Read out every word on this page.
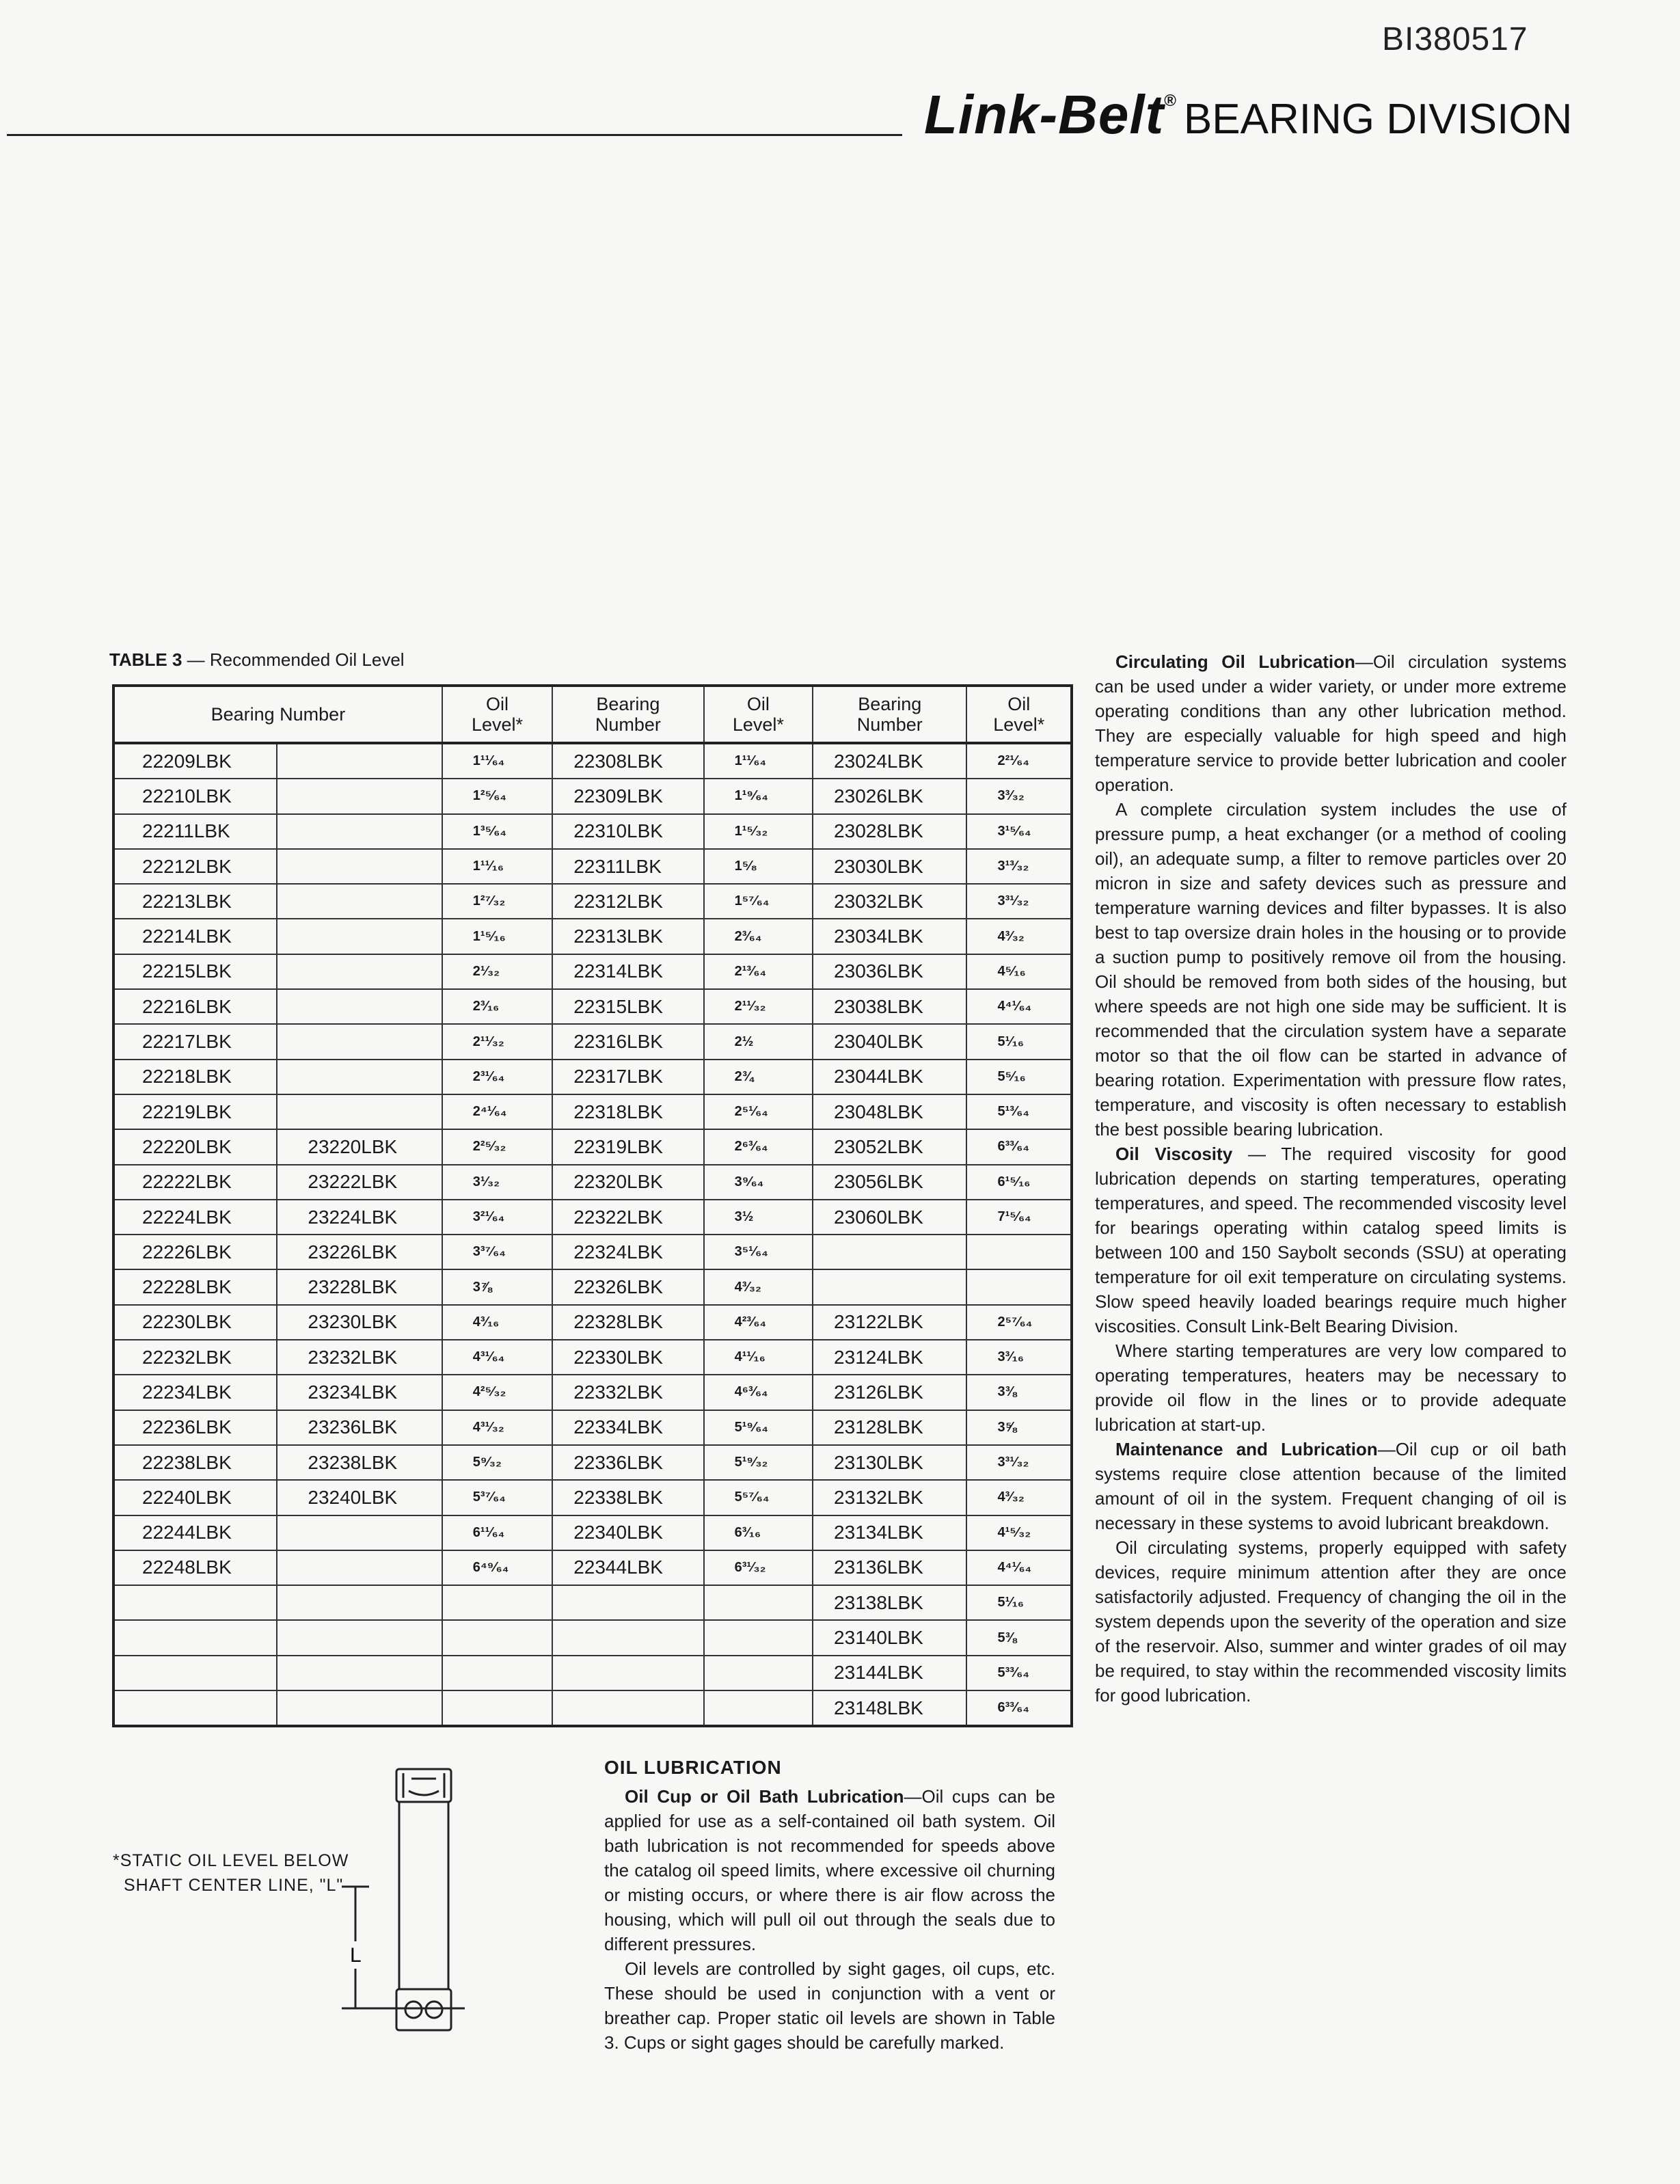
BI380517
Link-Belt® BEARING DIVISION
TABLE 3 — Recommended Oil Level
Bearing Number		Oil
Level*	Bearing
Number	Oil
Level*	Bearing
Number	Oil
Level*
22209LBK		1¹¹⁄₆₄	22308LBK	1¹¹⁄₆₄	23024LBK	2²¹⁄₆₄
22210LBK		1²⁵⁄₆₄	22309LBK	1¹⁹⁄₆₄	23026LBK	3³⁄₃₂
22211LBK		1³⁵⁄₆₄	22310LBK	1¹⁵⁄₃₂	23028LBK	3¹⁵⁄₆₄
22212LBK		1¹¹⁄₁₆	22311LBK	1⁵⁄₈	23030LBK	3¹³⁄₃₂
22213LBK		1²⁷⁄₃₂	22312LBK	1⁵⁷⁄₆₄	23032LBK	3³¹⁄₃₂
22214LBK		1¹⁵⁄₁₆	22313LBK	2³⁄₆₄	23034LBK	4³⁄₃₂
22215LBK		2¹⁄₃₂	22314LBK	2¹³⁄₆₄	23036LBK	4⁵⁄₁₆
22216LBK		2³⁄₁₆	22315LBK	2¹¹⁄₃₂	23038LBK	4⁴¹⁄₆₄
22217LBK		2¹¹⁄₃₂	22316LBK	2½	23040LBK	5¹⁄₁₆
22218LBK		2³¹⁄₆₄	22317LBK	2¾	23044LBK	5⁵⁄₁₆
22219LBK		2⁴¹⁄₆₄	22318LBK	2⁵¹⁄₆₄	23048LBK	5¹³⁄₆₄
22220LBK	23220LBK	2²⁵⁄₃₂	22319LBK	2⁶³⁄₆₄	23052LBK	6³³⁄₆₄
22222LBK	23222LBK	3¹⁄₃₂	22320LBK	3⁹⁄₆₄	23056LBK	6¹⁵⁄₁₆
22224LBK	23224LBK	3²¹⁄₆₄	22322LBK	3½	23060LBK	7¹⁵⁄₆₄
22226LBK	23226LBK	3³⁷⁄₆₄	22324LBK	3⁵¹⁄₆₄		
22228LBK	23228LBK	3⅞	22326LBK	4³⁄₃₂		
22230LBK	23230LBK	4³⁄₁₆	22328LBK	4²³⁄₆₄	23122LBK	2⁵⁷⁄₆₄
22232LBK	23232LBK	4³¹⁄₆₄	22330LBK	4¹¹⁄₁₆	23124LBK	3³⁄₁₆
22234LBK	23234LBK	4²⁵⁄₃₂	22332LBK	4⁶³⁄₆₄	23126LBK	3⅜
22236LBK	23236LBK	4³¹⁄₃₂	22334LBK	5¹⁹⁄₆₄	23128LBK	3⅝
22238LBK	23238LBK	5⁹⁄₃₂	22336LBK	5¹⁹⁄₃₂	23130LBK	3³¹⁄₃₂
22240LBK	23240LBK	5³⁷⁄₆₄	22338LBK	5⁵⁷⁄₆₄	23132LBK	4³⁄₃₂
22244LBK		6¹¹⁄₆₄	22340LBK	6³⁄₁₆	23134LBK	4¹⁵⁄₃₂
22248LBK		6⁴⁹⁄₆₄	22344LBK	6³¹⁄₃₂	23136LBK	4⁴¹⁄₆₄
					23138LBK	5¹⁄₁₆
					23140LBK	5⅜
					23144LBK	5³³⁄₆₄
					23148LBK	6³³⁄₆₄
*STATIC OIL LEVEL BELOW
SHAFT CENTER LINE, "L"
L
OIL LUBRICATION

Oil Cup or Oil Bath Lubrication—Oil cups can be applied for use as a self-contained oil bath system. Oil bath lubrication is not recommended for speeds above the catalog oil speed limits, where excessive oil churning or misting occurs, or where there is air flow across the housing, which will pull oil out through the seals due to different pressures.

Oil levels are controlled by sight gages, oil cups, etc. These should be used in conjunction with a vent or breather cap. Proper static oil levels are shown in Table 3. Cups or sight gages should be carefully marked.

Circulating Oil Lubrication—Oil circulation systems can be used under a wider variety, or under more extreme operating conditions than any other lubrication method. They are especially valuable for high speed and high temperature service to provide better lubrication and cooler operation.

A complete circulation system includes the use of pressure pump, a heat exchanger (or a method of cooling oil), an adequate sump, a filter to remove particles over 20 micron in size and safety devices such as pressure and temperature warning devices and filter bypasses. It is also best to tap oversize drain holes in the housing or to provide a suction pump to positively remove oil from the housing. Oil should be removed from both sides of the housing, but where speeds are not high one side may be sufficient. It is recommended that the circulation system have a separate motor so that the oil flow can be started in advance of bearing rotation. Experimentation with pressure flow rates, temperature, and viscosity is often necessary to establish the best possible bearing lubrication.

Oil Viscosity — The required viscosity for good lubrication depends on starting temperatures, operating temperatures, and speed. The recommended viscosity level for bearings operating within catalog speed limits is between 100 and 150 Saybolt seconds (SSU) at operating temperature for oil exit temperature on circulating systems. Slow speed heavily loaded bearings require much higher viscosities. Consult Link-Belt Bearing Division.

Where starting temperatures are very low compared to operating temperatures, heaters may be necessary to provide oil flow in the lines or to provide adequate lubrication at start-up.

Maintenance and Lubrication—Oil cup or oil bath systems require close attention because of the limited amount of oil in the system. Frequent changing of oil is necessary in these systems to avoid lubricant breakdown.

Oil circulating systems, properly equipped with safety devices, require minimum attention after they are once satisfactorily adjusted. Frequency of changing the oil in the system depends upon the severity of the operation and size of the reservoir. Also, summer and winter grades of oil may be required, to stay within the recommended viscosity limits for good lubrication.
